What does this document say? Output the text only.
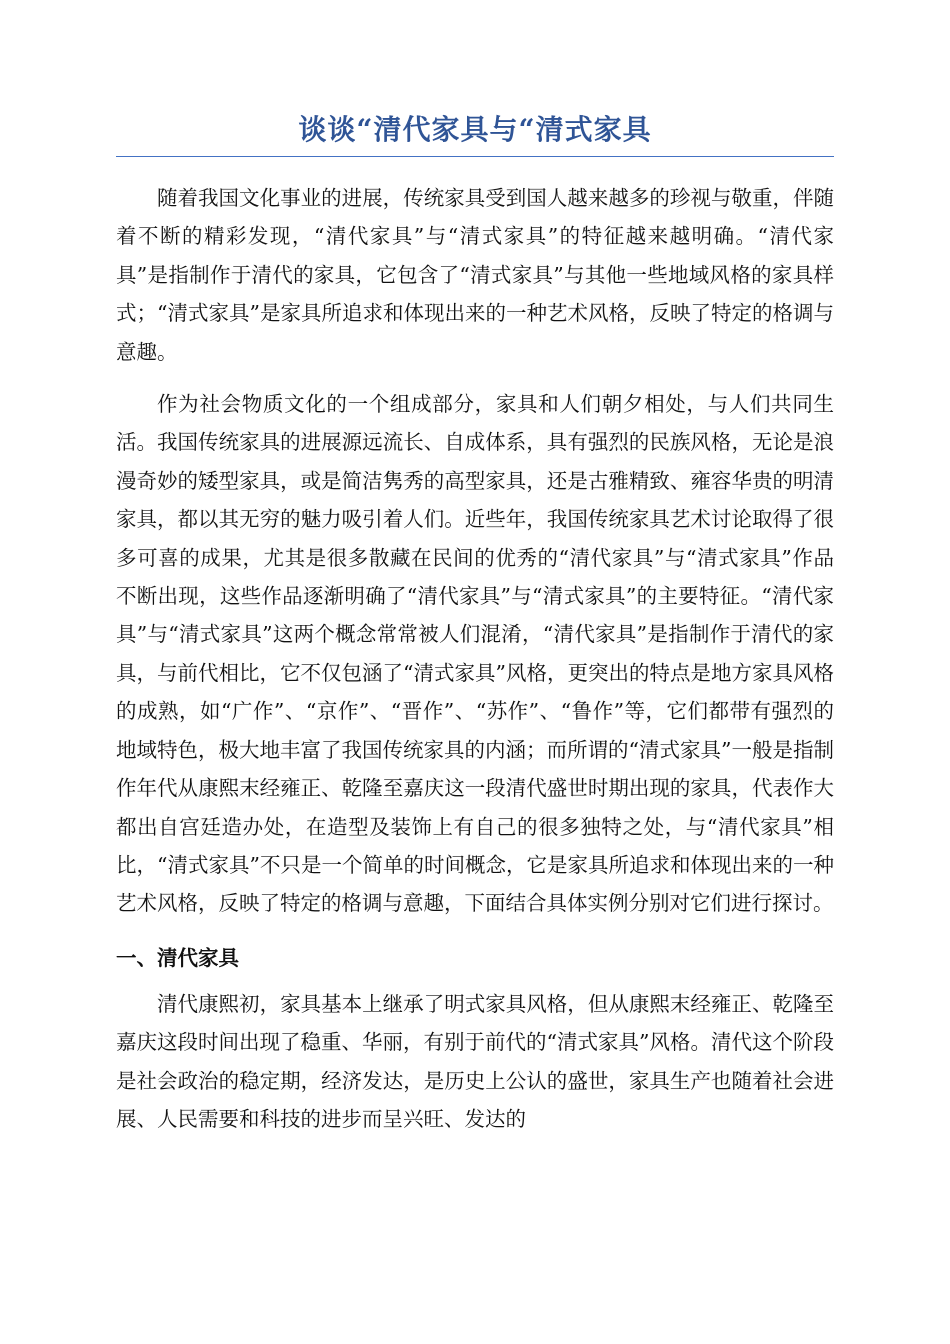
谈谈“清代家具与“清式家具

随着我国文化事业的进展，传统家具受到国人越来越多的珍视与敬重，伴随着不断的精彩发现，“清代家具”与“清式家具”的特征越来越明确。“清代家具”是指制作于清代的家具，它包含了“清式家具”与其他一些地域风格的家具样式；“清式家具”是家具所追求和体现出来的一种艺术风格，反映了特定的格调与意趣。

作为社会物质文化的一个组成部分，家具和人们朝夕相处，与人们共同生活。我国传统家具的进展源远流长、自成体系，具有强烈的民族风格，无论是浪漫奇妙的矮型家具，或是简洁隽秀的高型家具，还是古雅精致、雍容华贵的明清家具，都以其无穷的魅力吸引着人们。近些年，我国传统家具艺术讨论取得了很多可喜的成果，尤其是很多散藏在民间的优秀的“清代家具”与“清式家具”作品不断出现，这些作品逐渐明确了“清代家具”与“清式家具”的主要特征。“清代家具”与“清式家具”这两个概念常常被人们混淆，“清代家具”是指制作于清代的家具，与前代相比，它不仅包涵了“清式家具”风格，更突出的特点是地方家具风格的成熟，如“广作”、“京作”、“晋作”、“苏作”、“鲁作”等，它们都带有强烈的地域特色，极大地丰富了我国传统家具的内涵；而所谓的“清式家具”一般是指制作年代从康熙末经雍正、乾隆至嘉庆这一段清代盛世时期出现的家具，代表作大都出自宫廷造办处，在造型及装饰上有自己的很多独特之处，与“清代家具”相比，“清式家具”不只是一个简单的时间概念，它是家具所追求和体现出来的一种艺术风格，反映了特定的格调与意趣，下面结合具体实例分别对它们进行探讨。

一、清代家具

清代康熙初，家具基本上继承了明式家具风格，但从康熙末经雍正、乾隆至嘉庆这段时间出现了稳重、华丽，有别于前代的“清式家具”风格。清代这个阶段是社会政治的稳定期，经济发达，是历史上公认的盛世，家具生产也随着社会进展、人民需要和科技的进步而呈兴旺、发达的
